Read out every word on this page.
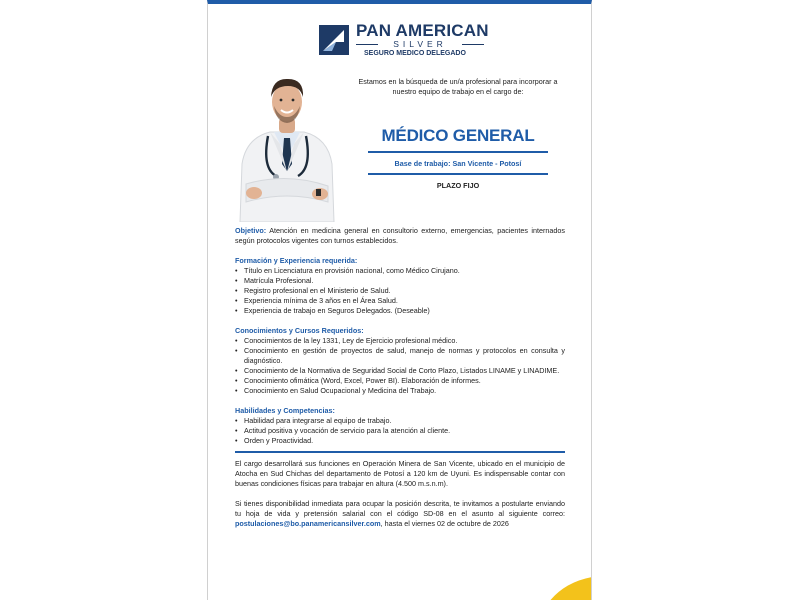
PAN AMERICAN
SILVER
SEGURO MEDICO DELEGADO
Estamos en la búsqueda de un/a profesional para incorporar a nuestro equipo de trabajo en el cargo de:
MÉDICO GENERAL
Base de trabajo: San Vicente - Potosí
PLAZO FIJO

Objetivo: Atención en medicina general en consultorio externo, emergencias, pacientes internados según protocolos vigentes con turnos establecidos.

Formación y Experiencia requerida:
• Título en Licenciatura en provisión nacional, como Médico Cirujano.
• Matrícula Profesional.
• Registro profesional en el Ministerio de Salud.
• Experiencia mínima de 3 años en el Área Salud.
• Experiencia de trabajo en Seguros Delegados. (Deseable)
Conocimientos y Cursos Requeridos:
• Conocimientos de la ley 1331, Ley de Ejercicio profesional médico.
• Conocimiento en gestión de proyectos de salud, manejo de normas y protocolos en consulta y diagnóstico.
• Conocimiento de la Normativa de Seguridad Social de Corto Plazo, Listados LINAME y LINADIME.
• Conocimiento ofimática (Word, Excel, Power BI). Elaboración de informes.
• Conocimiento en Salud Ocupacional y Medicina del Trabajo.
Habilidades y Competencias:
• Habilidad para integrarse al equipo de trabajo.
• Actitud positiva y vocación de servicio para la atención al cliente.
• Orden y Proactividad.

El cargo desarrollará sus funciones en Operación Minera de San Vicente, ubicado en el municipio de Atocha en Sud Chichas del departamento de Potosí a 120 km de Uyuni. Es indispensable contar con buenas condiciones físicas para trabajar en altura (4.500 m.s.n.m).

Si tienes disponibilidad inmediata para ocupar la posición descrita, te invitamos a postularte enviando tu hoja de vida y pretensión salarial con el código SD-08 en el asunto al siguiente correo: postulaciones@bo.panamericansilver.com, hasta el viernes 02 de octubre de 2026
